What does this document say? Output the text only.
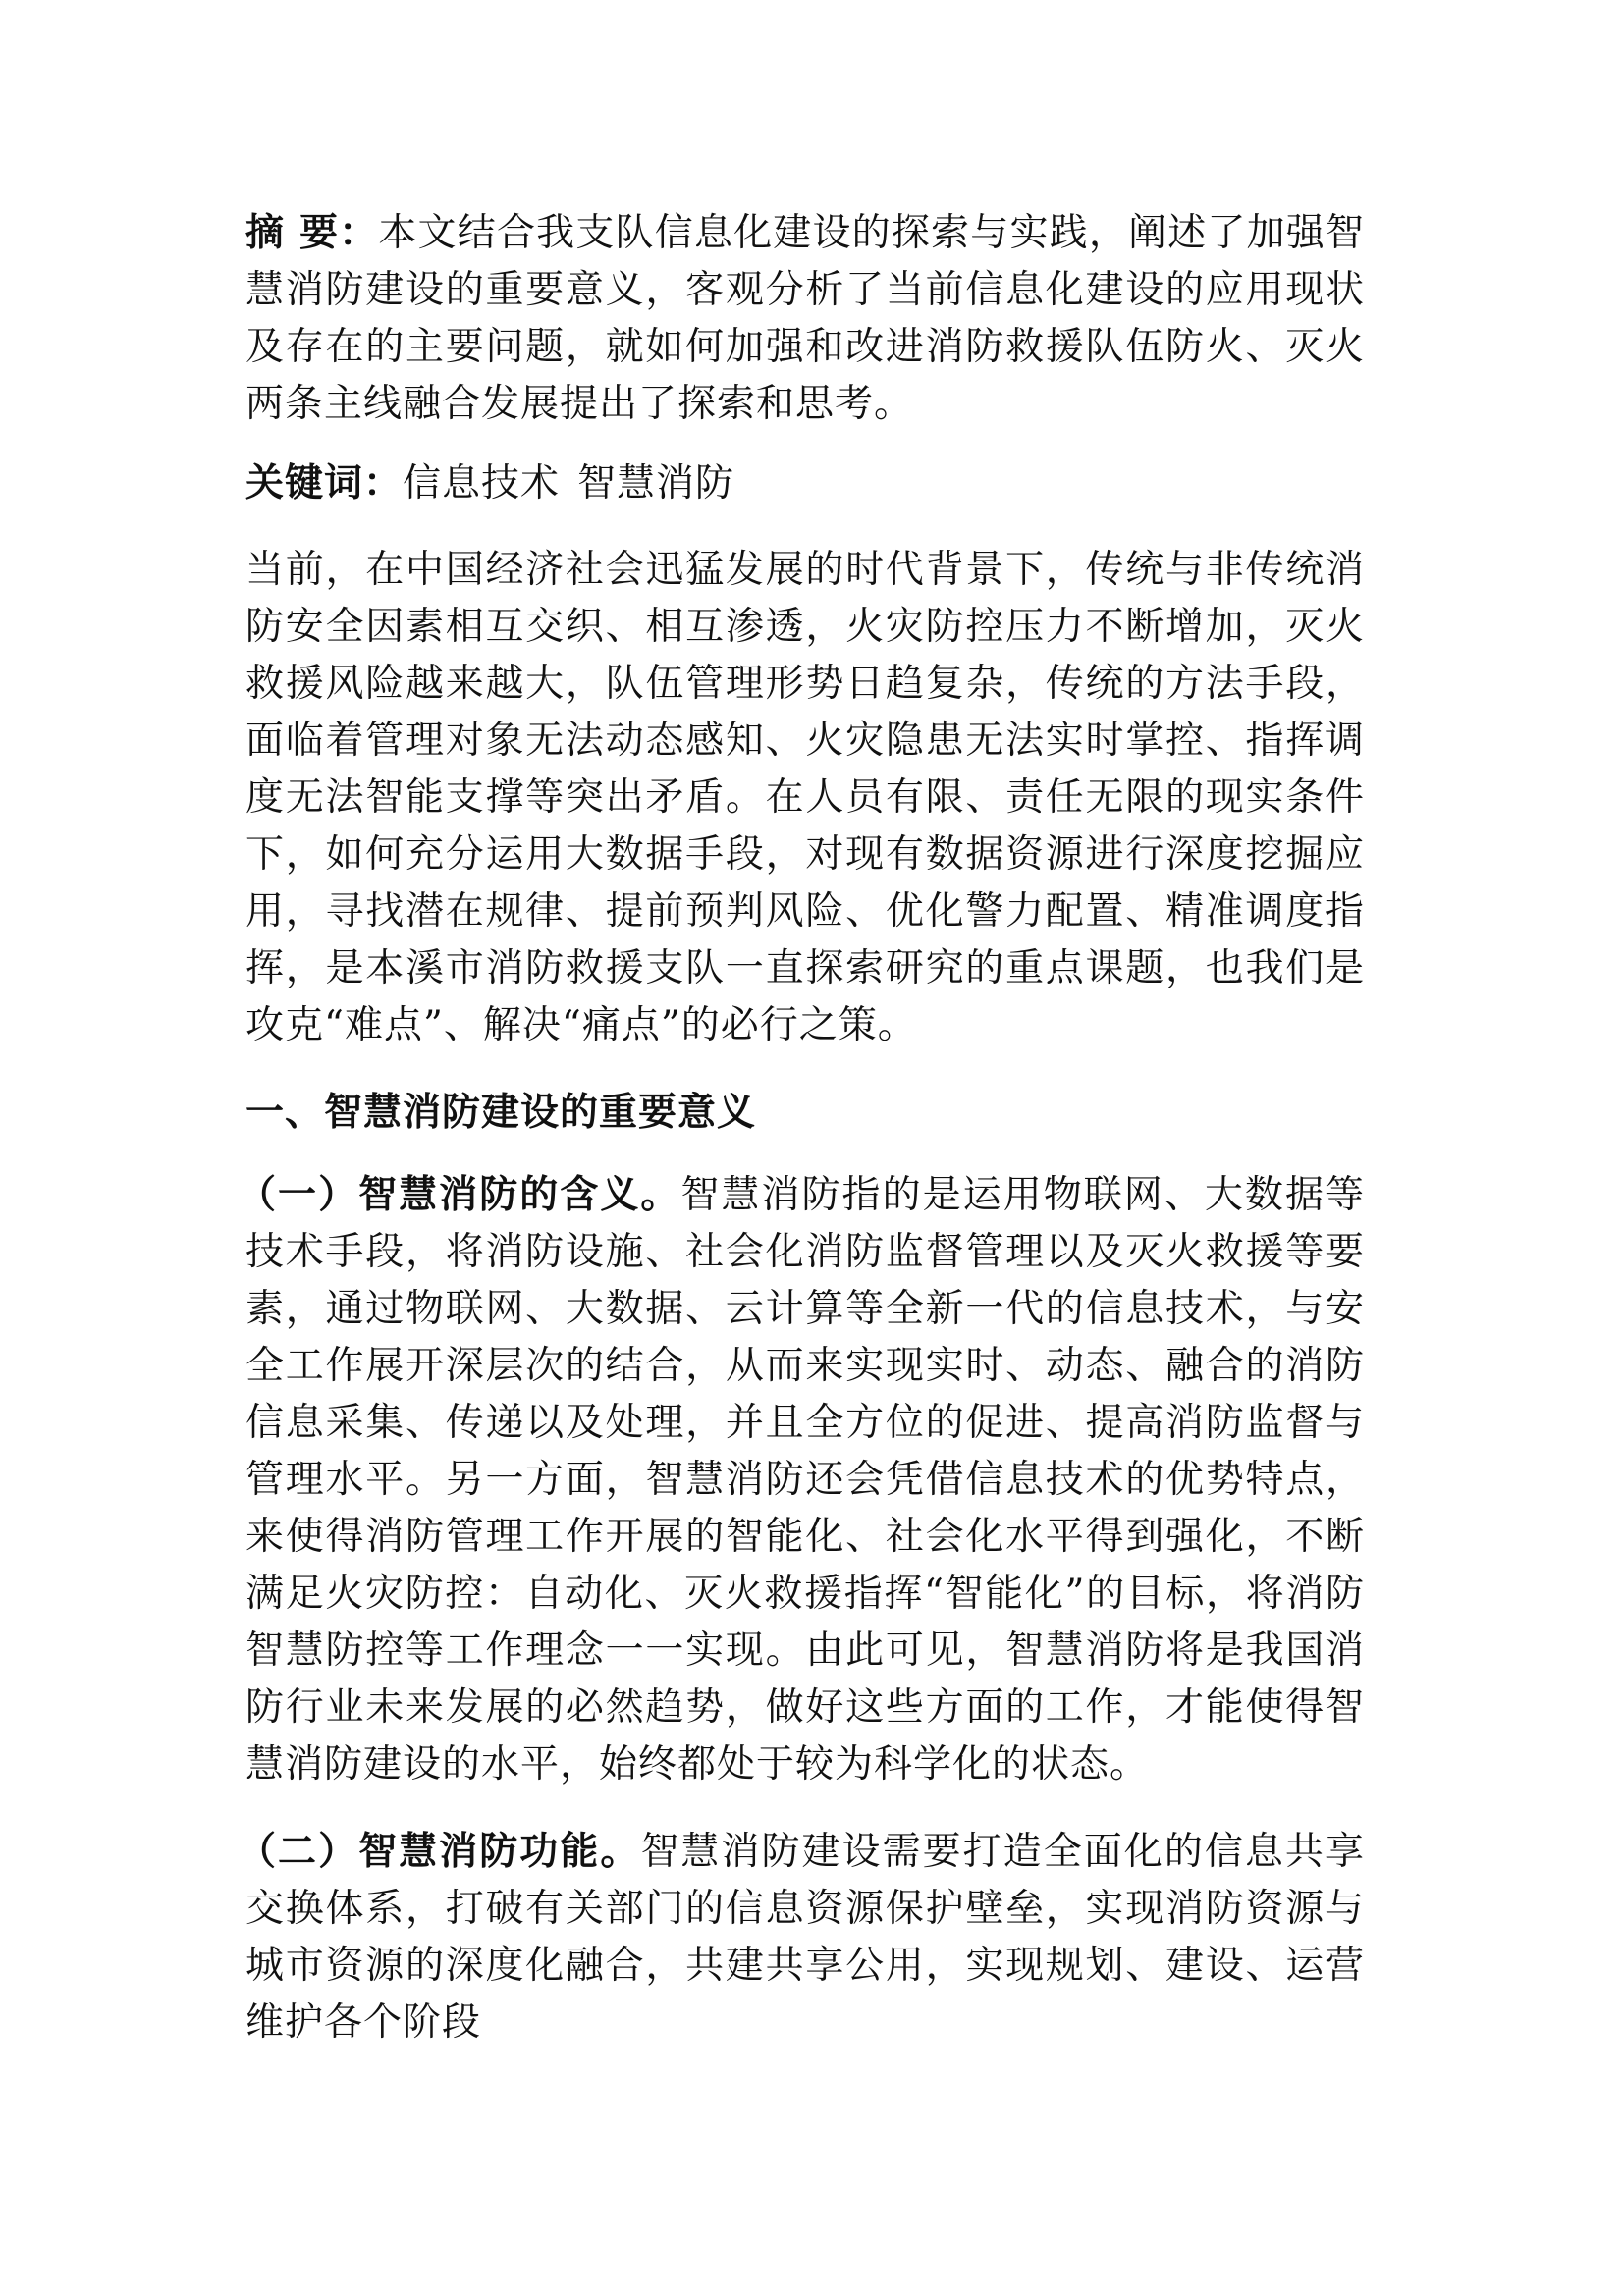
摘 要：本文结合我支队信息化建设的探索与实践，阐述了加强智慧消防建设的重要意义，客观分析了当前信息化建设的应用现状及存在的主要问题，就如何加强和改进消防救援队伍防火、灭火两条主线融合发展提出了探索和思考。

关键词：信息技术 智慧消防

当前，在中国经济社会迅猛发展的时代背景下，传统与非传统消防安全因素相互交织、相互渗透，火灾防控压力不断增加，灭火救援风险越来越大，队伍管理形势日趋复杂，传统的方法手段，面临着管理对象无法动态感知、火灾隐患无法实时掌控、指挥调度无法智能支撑等突出矛盾。在人员有限、责任无限的现实条件下，如何充分运用大数据手段，对现有数据资源进行深度挖掘应用，寻找潜在规律、提前预判风险、优化警力配置、精准调度指挥，是本溪市消防救援支队一直探索研究的重点课题，也我们是攻克“难点”、解决“痛点”的必行之策。

一、智慧消防建设的重要意义

（一）智慧消防的含义。智慧消防指的是运用物联网、大数据等技术手段，将消防设施、社会化消防监督管理以及灭火救援等要素，通过物联网、大数据、云计算等全新一代的信息技术，与安全工作展开深层次的结合，从而来实现实时、动态、融合的消防信息采集、传递以及处理，并且全方位的促进、提高消防监督与管理水平。另一方面，智慧消防还会凭借信息技术的优势特点，来使得消防管理工作开展的智能化、社会化水平得到强化，不断满足火灾防控：自动化、灭火救援指挥“智能化”的目标，将消防智慧防控等工作理念一一实现。由此可见，智慧消防将是我国消防行业未来发展的必然趋势，做好这些方面的工作，才能使得智慧消防建设的水平，始终都处于较为科学化的状态。

（二）智慧消防功能。智慧消防建设需要打造全面化的信息共享交换体系，打破有关部门的信息资源保护壁垒，实现消防资源与城市资源的深度化融合，共建共享公用，实现规划、建设、运营维护各个阶段
